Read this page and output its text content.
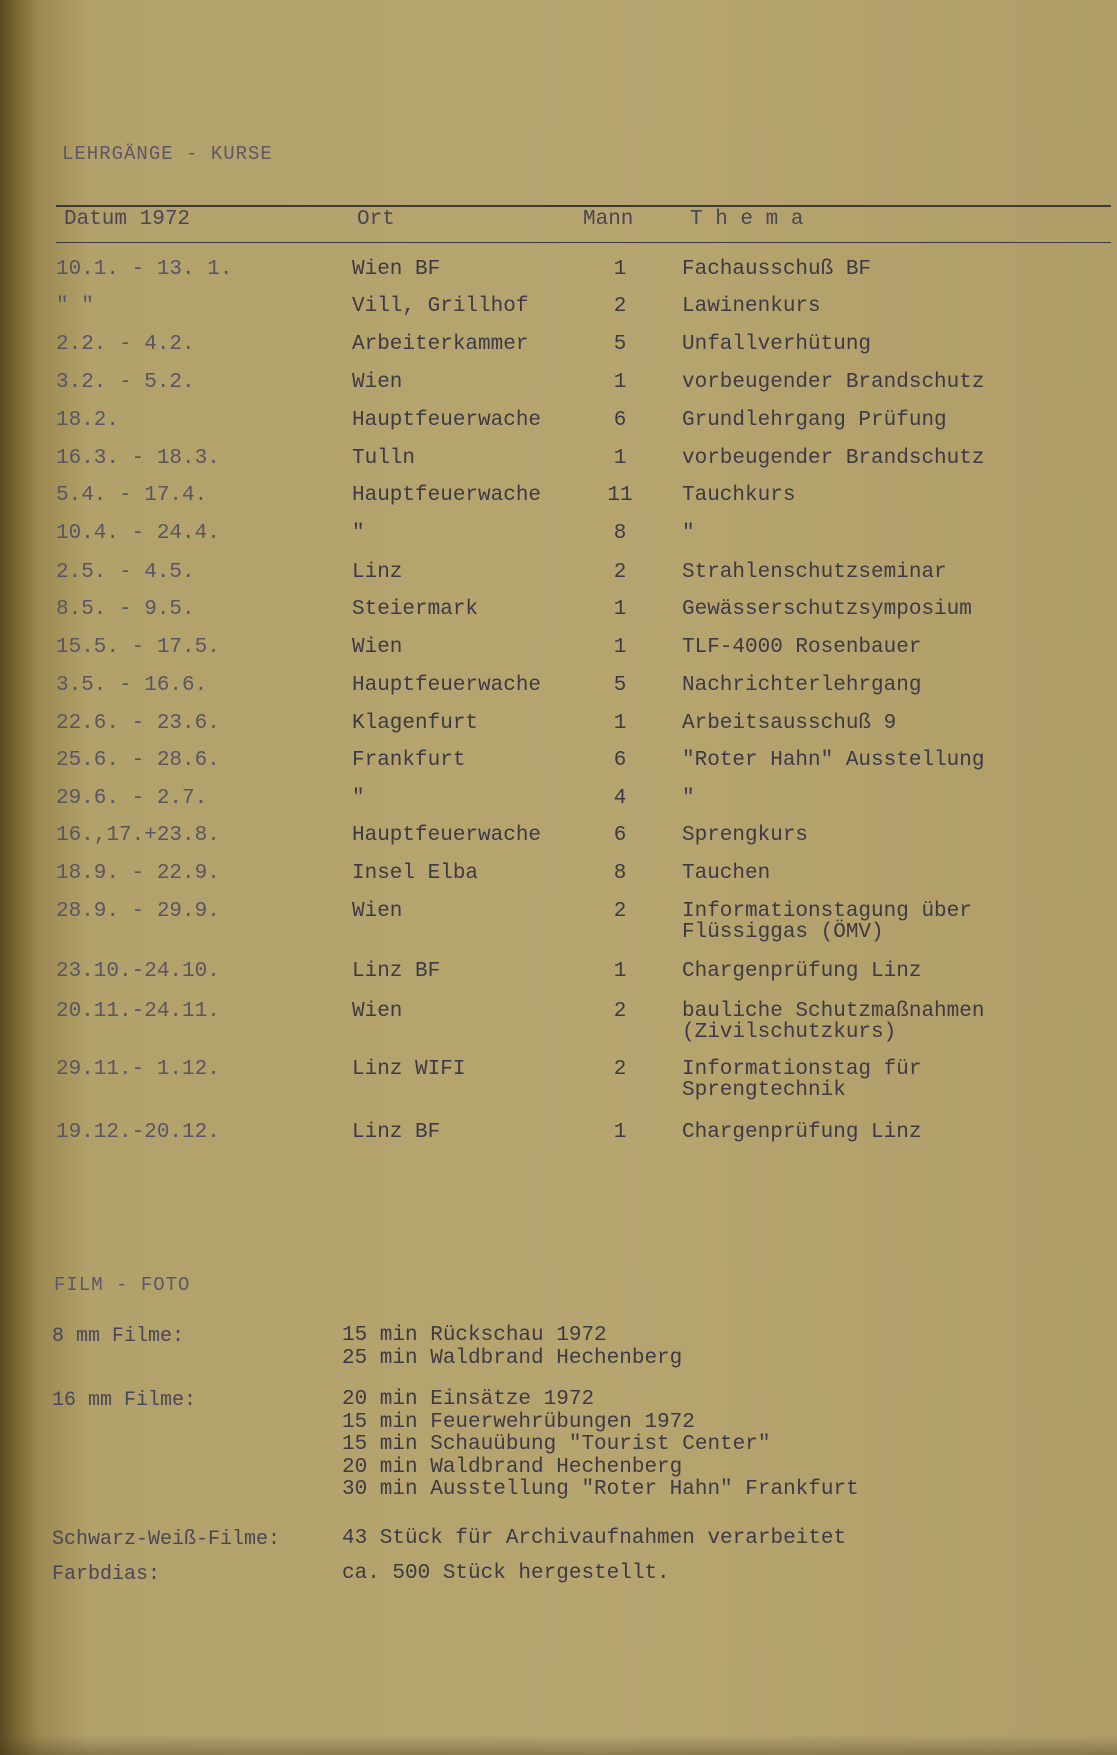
LEHRGÄNGE - KURSE
Datum 1972	Ort	Mann	T h e m a
10.1. - 13. 1.	Wien BF	1	Fachausschuß BF
" "	Vill, Grillhof	2	Lawinenkurs
2.2. - 4.2.	Arbeiterkammer	5	Unfallverhütung
3.2. - 5.2.	Wien	1	vorbeugender Brandschutz
18.2.	Hauptfeuerwache	6	Grundlehrgang Prüfung
16.3. - 18.3.	Tulln	1	vorbeugender Brandschutz
5.4. - 17.4.	Hauptfeuerwache	11	Tauchkurs
10.4. - 24.4.	"	8	"
2.5. - 4.5.	Linz	2	Strahlenschutzseminar
8.5. - 9.5.	Steiermark	1	Gewässerschutzsymposium
15.5. - 17.5.	Wien	1	TLF-4000 Rosenbauer
3.5. - 16.6.	Hauptfeuerwache	5	Nachrichterlehrgang
22.6. - 23.6.	Klagenfurt	1	Arbeitsausschuß 9
25.6. - 28.6.	Frankfurt	6	"Roter Hahn" Ausstellung
29.6. - 2.7.	"	4	"
16.,17.+23.8.	Hauptfeuerwache	6	Sprengkurs
18.9. - 22.9.	Insel Elba	8	Tauchen
28.9. - 29.9.	Wien	2	Informationstagung über
Flüssiggas (ÖMV)
23.10.-24.10.	Linz BF	1	Chargenprüfung Linz
20.11.-24.11.	Wien	2	bauliche Schutzmaßnahmen
(Zivilschutzkurs)
29.11.- 1.12.	Linz WIFI	2	Informationstag für
Sprengtechnik
19.12.-20.12.	Linz BF	1	Chargenprüfung Linz
FILM - FOTO
8 mm Filme:	15 min Rückschau 1972
25 min Waldbrand Hechenberg
16 mm Filme:	20 min Einsätze 1972
15 min Feuerwehrübungen 1972
15 min Schauübung "Tourist Center"
20 min Waldbrand Hechenberg
30 min Ausstellung "Roter Hahn" Frankfurt
Schwarz-Weiß-Filme:	43 Stück für Archivaufnahmen verarbeitet
Farbdias:	ca. 500 Stück hergestellt.
